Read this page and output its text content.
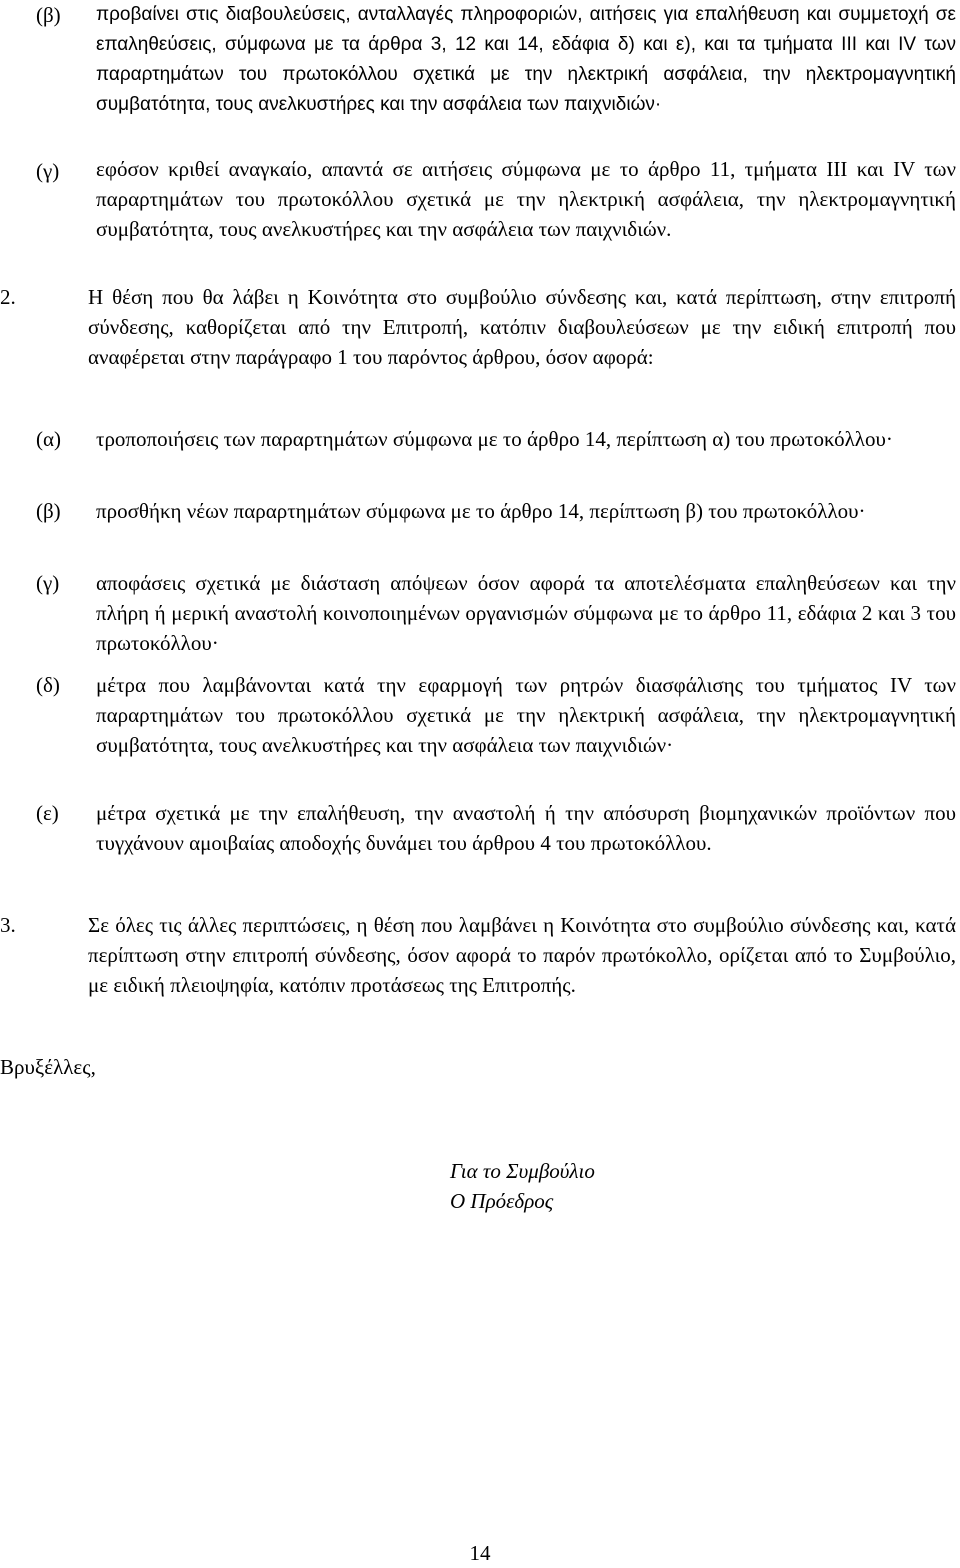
(β) προβαίνει στις διαβουλεύσεις, ανταλλαγές πληροφοριών, αιτήσεις για επαλήθευση και συμμετοχή σε επαληθεύσεις, σύμφωνα με τα άρθρα 3, 12 και 14, εδάφια δ) και ε), και τα τμήματα III και IV των παραρτημάτων του πρωτοκόλλου σχετικά με την ηλεκτρική ασφάλεια, την ηλεκτρομαγνητική συμβατότητα, τους ανελκυστήρες και την ασφάλεια των παιχνιδιών·
(γ) εφόσον κριθεί αναγκαίο, απαντά σε αιτήσεις σύμφωνα με το άρθρο 11, τμήματα III και IV των παραρτημάτων του πρωτοκόλλου σχετικά με την ηλεκτρική ασφάλεια, την ηλεκτρομαγνητική συμβατότητα, τους ανελκυστήρες και την ασφάλεια των παιχνιδιών.
2.	Η θέση που θα λάβει η Κοινότητα στο συμβούλιο σύνδεσης και, κατά περίπτωση, στην επιτροπή σύνδεσης, καθορίζεται από την Επιτροπή, κατόπιν διαβουλεύσεων με την ειδική επιτροπή που αναφέρεται στην παράγραφο 1 του παρόντος άρθρου, όσον αφορά:
(α) τροποποιήσεις των παραρτημάτων σύμφωνα με το άρθρο 14, περίπτωση α) του πρωτοκόλλου·
(β) προσθήκη νέων παραρτημάτων σύμφωνα με το άρθρο 14, περίπτωση β) του πρωτοκόλλου·
(γ) αποφάσεις σχετικά με διάσταση απόψεων όσον αφορά τα αποτελέσματα επαληθεύσεων και την πλήρη ή μερική αναστολή κοινοποιημένων οργανισμών σύμφωνα με το άρθρο 11, εδάφια 2 και 3 του πρωτοκόλλου·
(δ) μέτρα που λαμβάνονται κατά την εφαρμογή των ρητρών διασφάλισης του τμήματος IV των παραρτημάτων του πρωτοκόλλου σχετικά με την ηλεκτρική ασφάλεια, την ηλεκτρομαγνητική συμβατότητα, τους ανελκυστήρες και την ασφάλεια των παιχνιδιών·
(ε) μέτρα σχετικά με την επαλήθευση, την αναστολή ή την απόσυρση βιομηχανικών προϊόντων που τυγχάνουν αμοιβαίας αποδοχής δυνάμει του άρθρου 4 του πρωτοκόλλου.
3.	Σε όλες τις άλλες περιπτώσεις, η θέση που λαμβάνει η Κοινότητα στο συμβούλιο σύνδεσης και, κατά περίπτωση στην επιτροπή σύνδεσης, όσον αφορά το παρόν πρωτόκολλο, ορίζεται από το Συμβούλιο, με ειδική πλειοψηφία, κατόπιν προτάσεως της Επιτροπής.
Βρυξέλλες,
Για το Συμβούλιο
Ο Πρόεδρος
14
